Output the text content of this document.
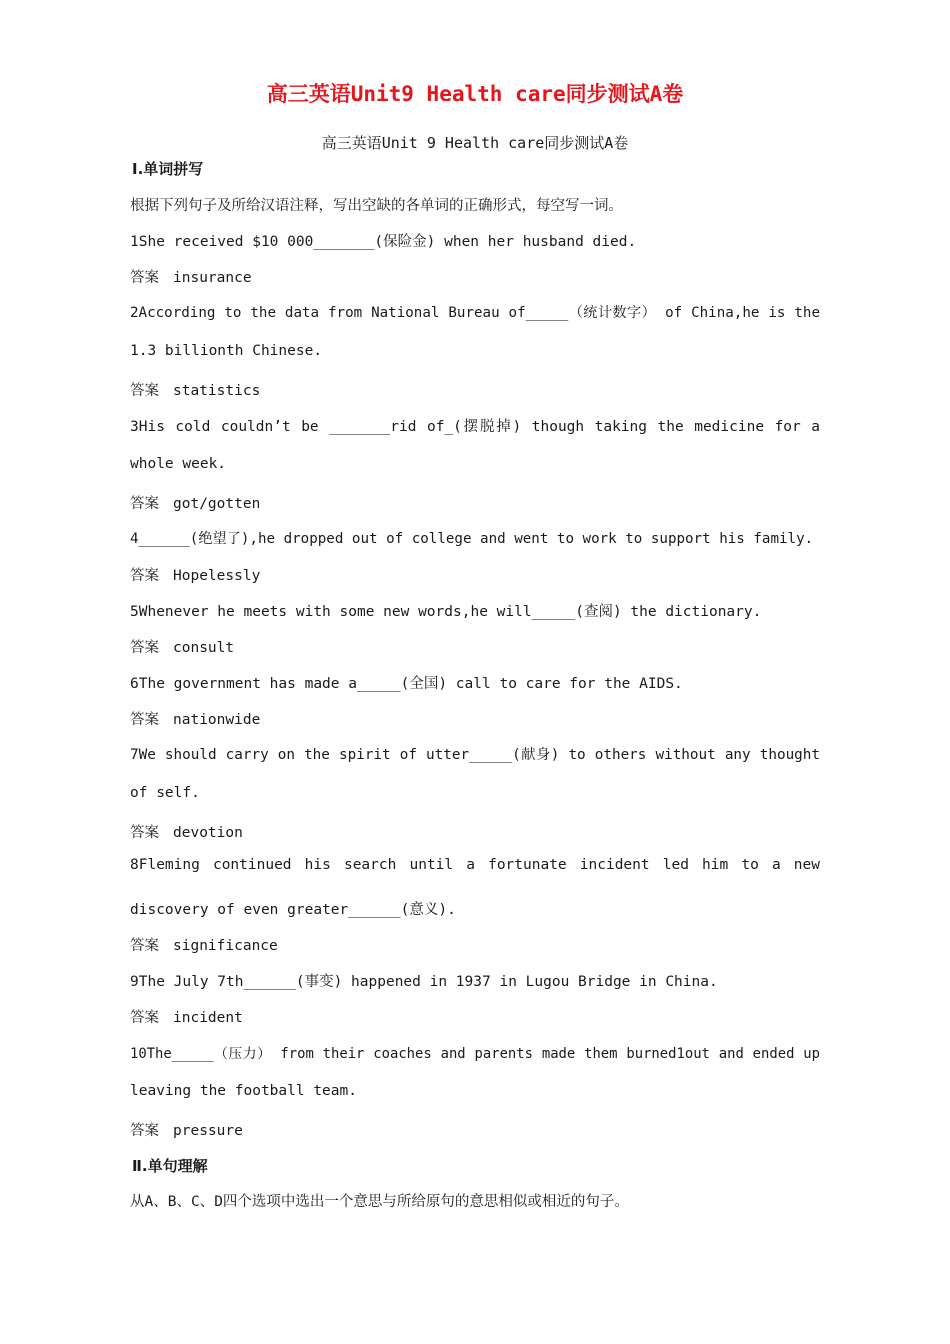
高三英语Unit9 Health care同步测试A卷
高三英语Unit 9 Health care同步测试A卷
Ⅰ.单词拼写
根据下列句子及所给汉语注释，写出空缺的各单词的正确形式，每空写一词。
1She received $10 000_______(保险金) when her husband died.
答案 insurance
2According to the data from National Bureau of_____（统计数字） of China,he is the
1.3 billionth Chinese.
答案 statistics
3His cold couldn’t be _______rid of_(摆脱掉) though taking the medicine for a
whole week.
答案 got/gotten
4______(绝望了),he dropped out of college and went to work to support his family.
答案 Hopelessly
5Whenever he meets with some new words,he will_____(查阅) the dictionary.
答案 consult
6The government has made a_____(全国) call to care for the AIDS.
答案 nationwide
7We should carry on the spirit of utter_____(献身) to others without any thought
of self.
答案 devotion
8Fleming continued his search until a fortunate incident led him to a new
discovery of even greater______(意义).
答案 significance
9The July 7th______(事变) happened in 1937 in Lugou Bridge in China.
答案 incident
10The_____（压力） from their coaches and parents made them burned1out and ended up
leaving the football team.
答案 pressure
Ⅱ.单句理解
从A、B、C、D四个选项中选出一个意思与所给原句的意思相似或相近的句子。
